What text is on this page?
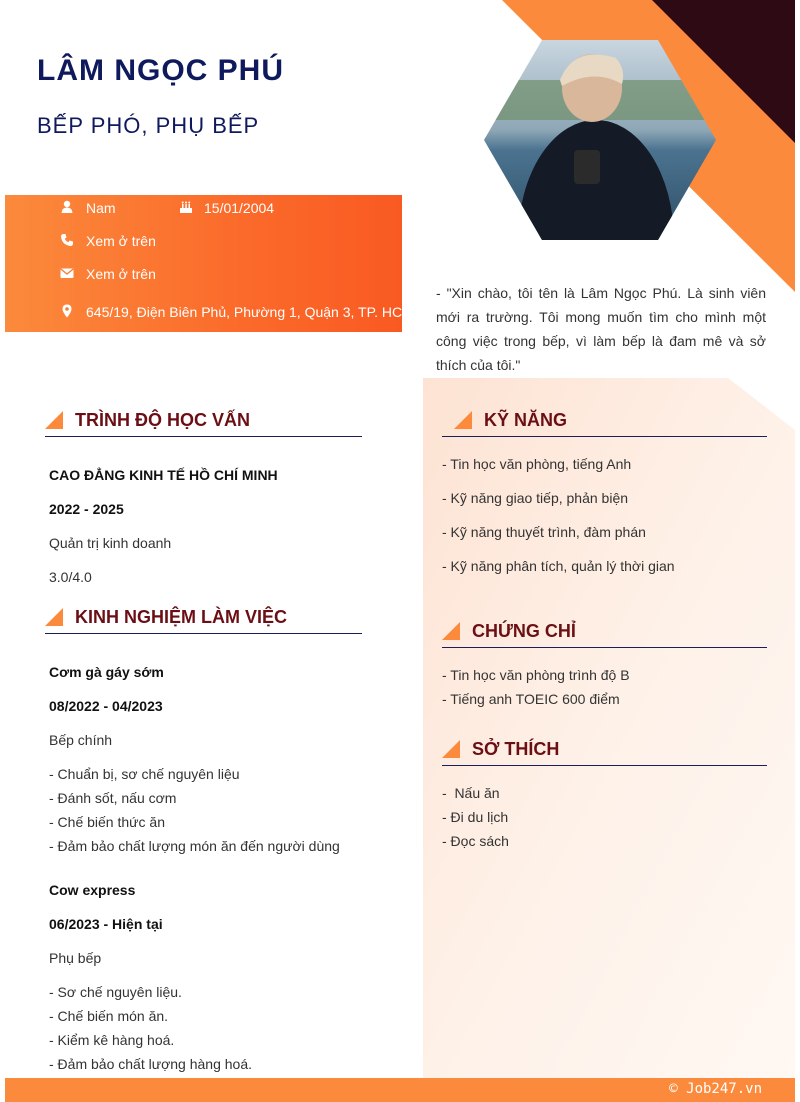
LÂM NGỌC PHÚ
BẾP PHÓ, PHỤ BẾP
Nam	15/01/2004
Xem ở trên
Xem ở trên
645/19, Điện Biên Phủ, Phường 1, Quận 3, TP. HCM
- "Xin chào, tôi tên là Lâm Ngọc Phú. Là sinh viên mới ra trường. Tôi mong muốn tìm cho mình một công việc trong bếp, vì làm bếp là đam mê và sở thích của tôi."
TRÌNH ĐỘ HỌC VẤN
CAO ĐẲNG KINH TẾ HỒ CHÍ MINH
2022 - 2025
Quản trị kinh doanh
3.0/4.0
KINH NGHIỆM LÀM VIỆC
Cơm gà gáy sớm
08/2022 - 04/2023
Bếp chính
- Chuẩn bị, sơ chế nguyên liệu
- Đánh sốt, nấu cơm
- Chế biến thức ăn
- Đảm bảo chất lượng món ăn đến người dùng
Cow express
06/2023 - Hiện tại
Phụ bếp
- Sơ chế nguyên liệu.
- Chế biến món ăn.
- Kiểm kê hàng hoá.
- Đảm bảo chất lượng hàng hoá.
KỸ NĂNG
- Tin học văn phòng, tiếng Anh
- Kỹ năng giao tiếp, phản biện
- Kỹ năng thuyết trình, đàm phán
- Kỹ năng phân tích, quản lý thời gian
CHỨNG CHỈ
- Tin học văn phòng trình độ B
- Tiếng anh TOEIC 600 điểm
SỞ THÍCH
-  Nấu ăn
- Đi du lịch
- Đọc sách
© Job247.vn
